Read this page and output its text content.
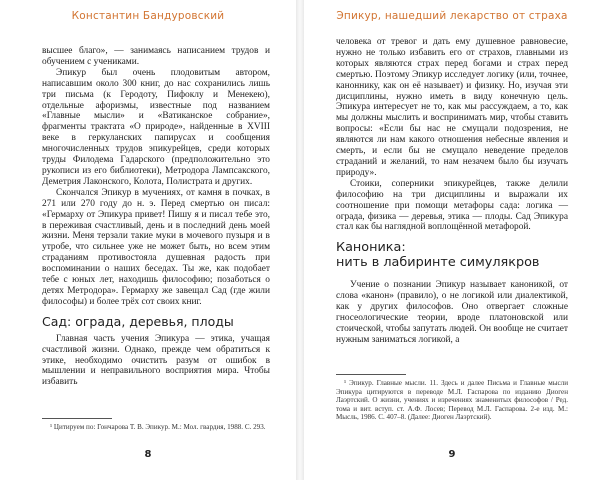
Константин Бандуровский

высшее благо», — занимаясь написанием трудов и обучением с учениками.

Эпикур был очень плодовитым автором, написавшим около 300 книг, до нас сохранились лишь три письма (к Геродоту, Пифоклу и Менекею), отдельные афоризмы, известные под названием «Главные мысли» и «Ватиканское собрание», фрагменты трактата «О природе», найденные в XVIII веке в геркуланских папирусах и сообщения многочисленных трудов эпикурейцев, среди которых труды Филодема Гадарского (предположительно это рукописи из его библиотеки), Метродора Лампсакского, Деметрия Лаконского, Колота, Полистрата и других.

Скончался Эпикур в мучениях, от камня в почках, в 271 или 270 году до н. э. Перед смертью он писал: «Гермарху от Эпикура привет! Пишу я и писал тебе это, в переживая счастливый, день и в последний день моей жизни. Меня терзали такие муки в мочевого пузыря и в утробе, что сильнее уже не может быть, но всем этим страданиям противостояла душевная радость при воспоминании о наших беседах. Ты же, как подобает тебе с юных лет, находишь философию; позаботься о детях Метродора». Гермарху же завещал Сад (где жили философы) и более трёх сот своих книг.

Сад: ограда, деревья, плоды

Главная часть учения Эпикура — этика, учащая счастливой жизни. Однако, прежде чем обратиться к этике, необходимо очистить разум от ошибок в мышлении и неправильного восприятия мира. Чтобы избавить

¹ Цитируем по: Гончарова Т. В. Эпикур. М.: Мол. гвардия, 1988. С. 293.

8
Эпикур, нашедший лекарство от страха

человека от тревог и дать ему душевное равновесие, нужно не только избавить его от страхов, главными из которых являются страх перед богами и страх перед смертью. Поэтому Эпикур исследует логику (или, точнее, каноннику, как он её называет) и физику. Но, изучая эти дисциплины, нужно иметь в виду конечную цель. Эпикура интересует не то, как мы рассуждаем, а то, как мы должны мыслить и воспринимать мир, чтобы ставить вопросы: «Если бы нас не смущали подозрения, не являются ли нам какого отношения небесные явления и смерть, и если бы не смущало неведение пределов страданий и желаний, то нам незачем было бы изучать природу».

Стоики, соперники эпикурейцев, также делили философию на три дисциплины и выражали их соотношение при помощи метафоры сада: логика — ограда, физика — деревья, этика — плоды. Сад Эпикура стал как бы наглядной воплощённой метафорой.

Каноника:
нить в лабиринте симулякров

Учение о познании Эпикур называет каноникой, от слова «канон» (правило), о не логикой или диалектикой, как у других философов. Оно отвергает сложные гносеологические теории, вроде платоновской или стоической, чтобы запутать людей. Он вообще не считает нужным заниматься логикой, а

¹ Эпикур. Главные мысли. 11. Здесь и далее Письма и Главные мысли Эпикура цитируются в переводе М.Л. Гаспарова по изданию Диоген Лаэртский. О жизни, учениях и изречениях знаменитых философов / Ред. тома и вит. вступ. ст. А.Ф. Лосев; Перевод М.Л. Гаспарова. 2-е изд. М.: Мысль, 1986. С. 407–8. (Далее: Диоген Лаэртский).

9
